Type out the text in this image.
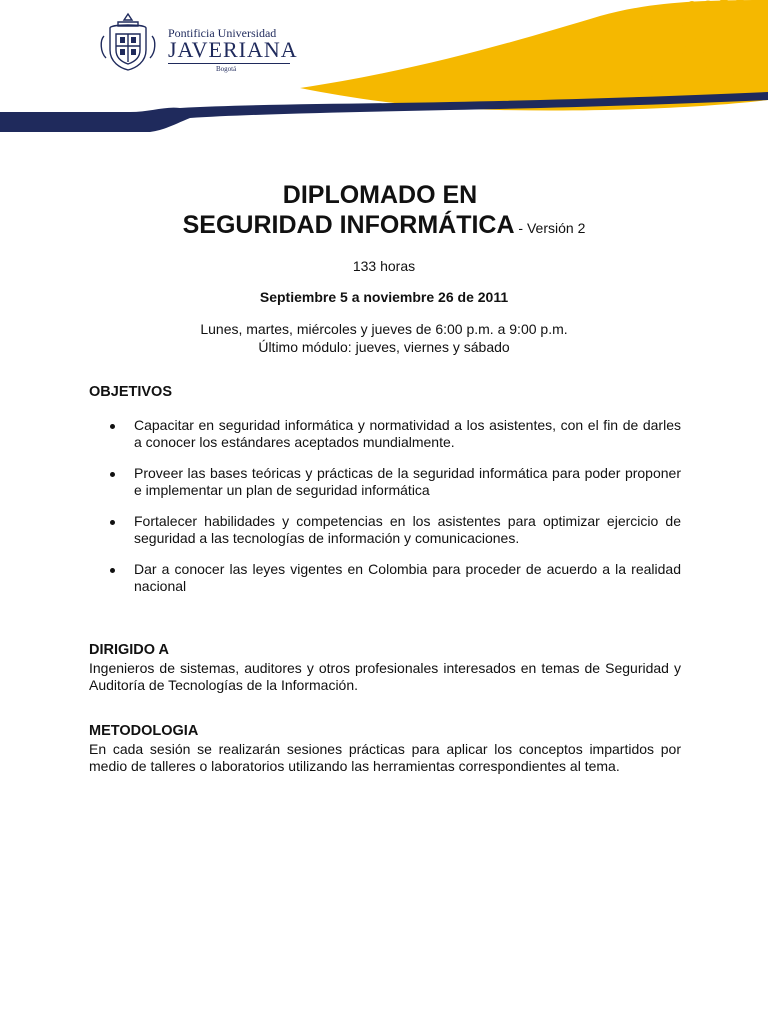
Pontificia Universidad
JAVERIANA
Bogotá
DIPLOMADO EN
SEGURIDAD INFORMÁTICA - Versión 2
133 horas
Septiembre 5 a noviembre 26 de 2011
Lunes, martes, miércoles y jueves de 6:00 p.m. a 9:00 p.m.
Último módulo: jueves, viernes y sábado
OBJETIVOS
Capacitar en seguridad informática y normatividad a los asistentes, con el fin de darles a conocer los estándares aceptados mundialmente.
Proveer las bases teóricas y prácticas de la seguridad informática para poder proponer e implementar un plan de seguridad informática
Fortalecer habilidades y competencias en los asistentes para optimizar ejercicio de seguridad a las tecnologías de información y comunicaciones.
Dar a conocer las leyes vigentes en Colombia para proceder de acuerdo a la realidad nacional
DIRIGIDO A

Ingenieros de sistemas, auditores y otros profesionales interesados en temas de Seguridad y Auditoría de Tecnologías de la Información.

METODOLOGIA

En cada sesión se realizarán sesiones prácticas para aplicar los conceptos impartidos por medio de talleres o laboratorios utilizando las herramientas correspondientes al tema.
